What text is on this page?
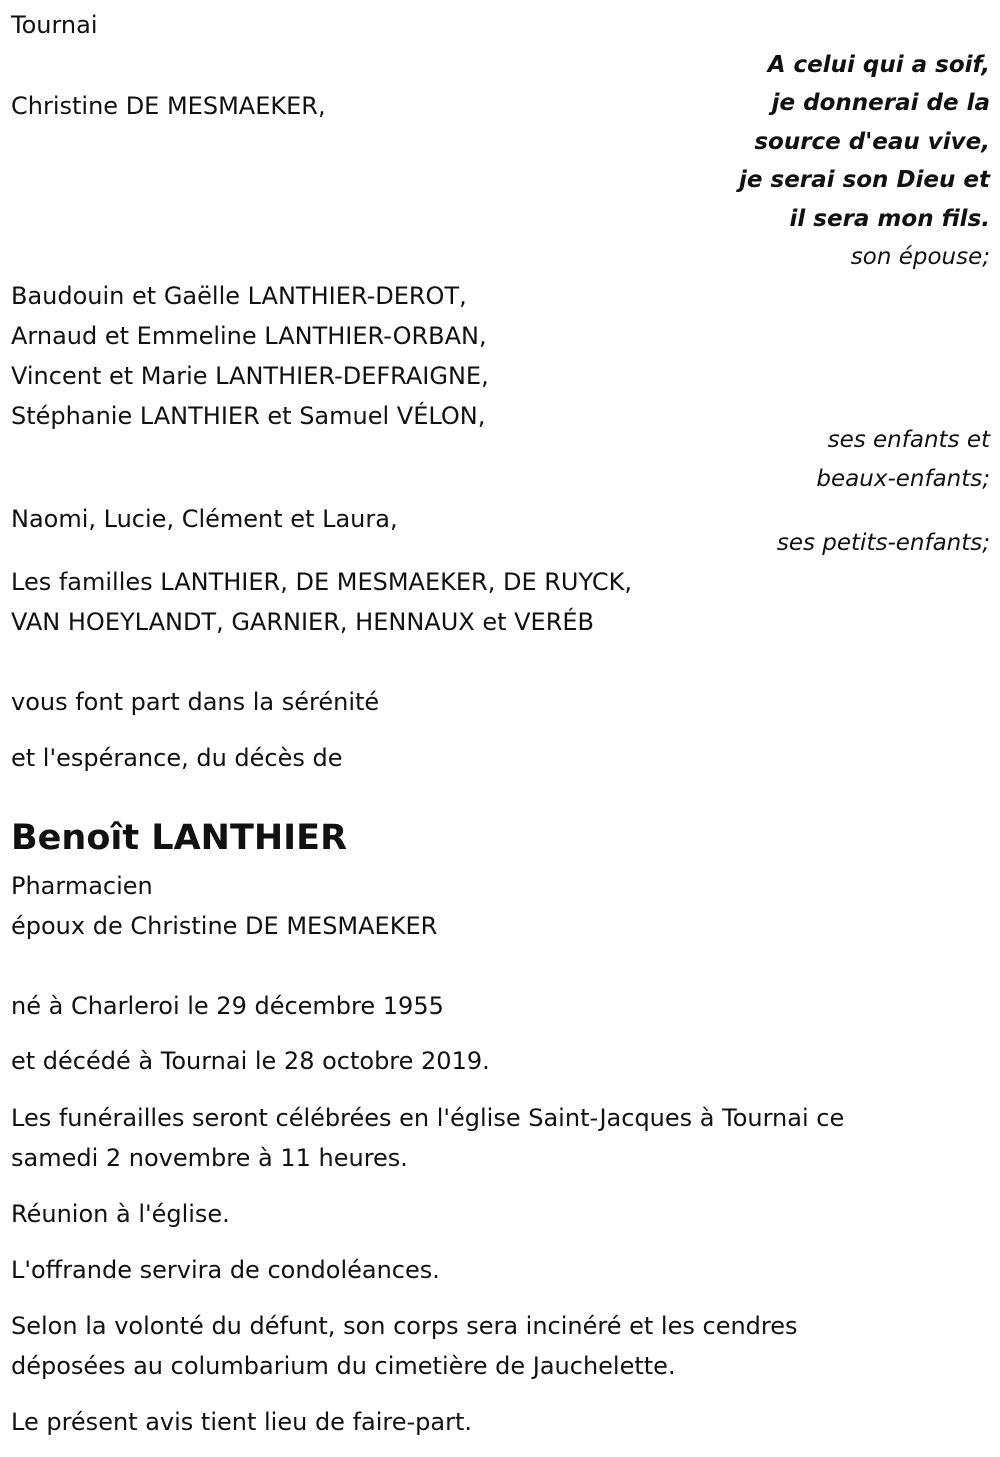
Tournai
A celui qui a soif,
je donnerai de la
source d'eau vive,
je serai son Dieu et
il sera mon fils.
Christine DE MESMAEKER,
son épouse;
Baudouin et Gaëlle LANTHIER-DEROT,
Arnaud et Emmeline LANTHIER-ORBAN,
Vincent et Marie LANTHIER-DEFRAIGNE,
Stéphanie LANTHIER et Samuel VÉLON,
ses enfants et
beaux-enfants;
Naomi, Lucie, Clément et Laura,
ses petits-enfants;
Les familles LANTHIER, DE MESMAEKER, DE RUYCK,
VAN HOEYLANDT, GARNIER, HENNAUX et VERÉB
vous font part dans la sérénité
et l'espérance, du décès de
Benoît LANTHIER
Pharmacien
époux de Christine DE MESMAEKER
né à Charleroi le 29 décembre 1955
et décédé à Tournai le 28 octobre 2019.
Les funérailles seront célébrées en l'église Saint-Jacques à Tournai ce
samedi 2 novembre à 11 heures.
Réunion à l'église.
L'offrande servira de condoléances.
Selon la volonté du défunt, son corps sera incinéré et les cendres
déposées au columbarium du cimetière de Jauchelette.
Le présent avis tient lieu de faire-part.
